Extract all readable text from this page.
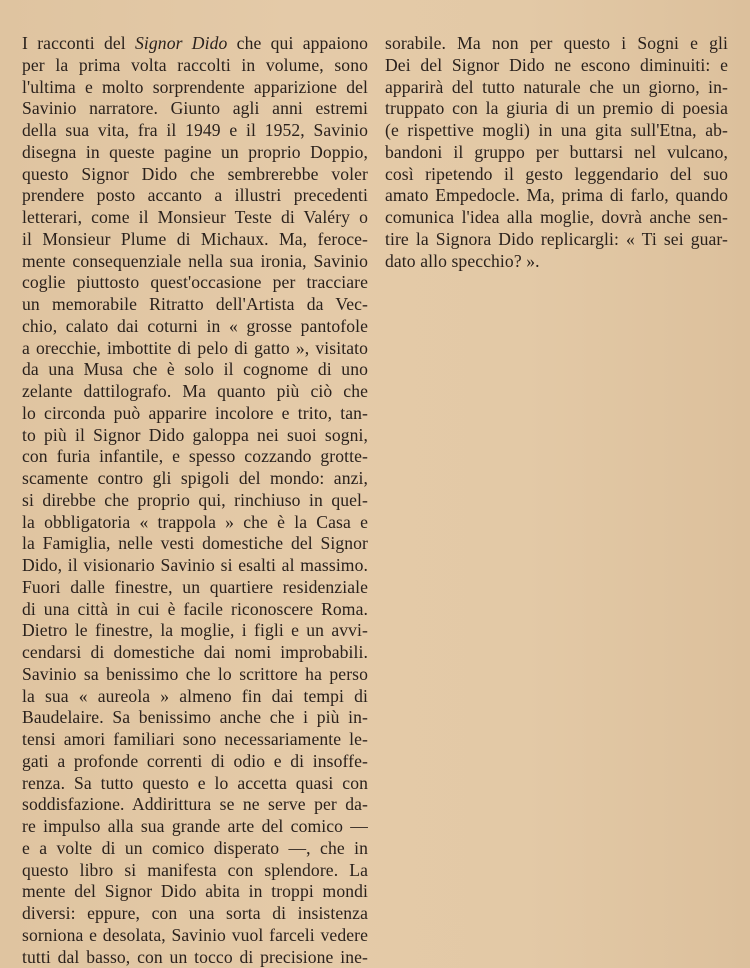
I racconti del Signor Dido che qui appaiono
per la prima volta raccolti in volume, sono
l'ultima e molto sorprendente apparizione del
Savinio narratore. Giunto agli anni estremi
della sua vita, fra il 1949 e il 1952, Savinio
disegna in queste pagine un proprio Doppio,
questo Signor Dido che sembrerebbe voler
prendere posto accanto a illustri precedenti
letterari, come il Monsieur Teste di Valéry o
il Monsieur Plume di Michaux. Ma, feroce-
mente consequenziale nella sua ironia, Savinio
coglie piuttosto quest'occasione per tracciare
un memorabile Ritratto dell'Artista da Vec-
chio, calato dai coturni in « grosse pantofole
a orecchie, imbottite di pelo di gatto », visitato
da una Musa che è solo il cognome di uno
zelante dattilografo. Ma quanto più ciò che
lo circonda può apparire incolore e trito, tan-
to più il Signor Dido galoppa nei suoi sogni,
con furia infantile, e spesso cozzando grotte-
scamente contro gli spigoli del mondo: anzi,
si direbbe che proprio qui, rinchiuso in quel-
la obbligatoria « trappola » che è la Casa e
la Famiglia, nelle vesti domestiche del Signor
Dido, il visionario Savinio si esalti al massimo.
Fuori dalle finestre, un quartiere residenziale
di una città in cui è facile riconoscere Roma.
Dietro le finestre, la moglie, i figli e un avvi-
cendarsi di domestiche dai nomi improbabili.
Savinio sa benissimo che lo scrittore ha perso
la sua « aureola » almeno fin dai tempi di
Baudelaire. Sa benissimo anche che i più in-
tensi amori familiari sono necessariamente le-
gati a profonde correnti di odio e di insoffe-
renza. Sa tutto questo e lo accetta quasi con
soddisfazione. Addirittura se ne serve per da-
re impulso alla sua grande arte del comico —
e a volte di un comico disperato —, che in
questo libro si manifesta con splendore. La
mente del Signor Dido abita in troppi mondi
diversi: eppure, con una sorta di insistenza
sorniona e desolata, Savinio vuol farceli vedere
tutti dal basso, con un tocco di precisione ine-
sorabile. Ma non per questo i Sogni e gli
Dei del Signor Dido ne escono diminuiti: e
apparirà del tutto naturale che un giorno, in-
truppato con la giuria di un premio di poesia
(e rispettive mogli) in una gita sull'Etna, ab-
bandoni il gruppo per buttarsi nel vulcano,
così ripetendo il gesto leggendario del suo
amato Empedocle. Ma, prima di farlo, quando
comunica l'idea alla moglie, dovrà anche sen-
tire la Signora Dido replicargli: « Ti sei guar-
dato allo specchio? ».
